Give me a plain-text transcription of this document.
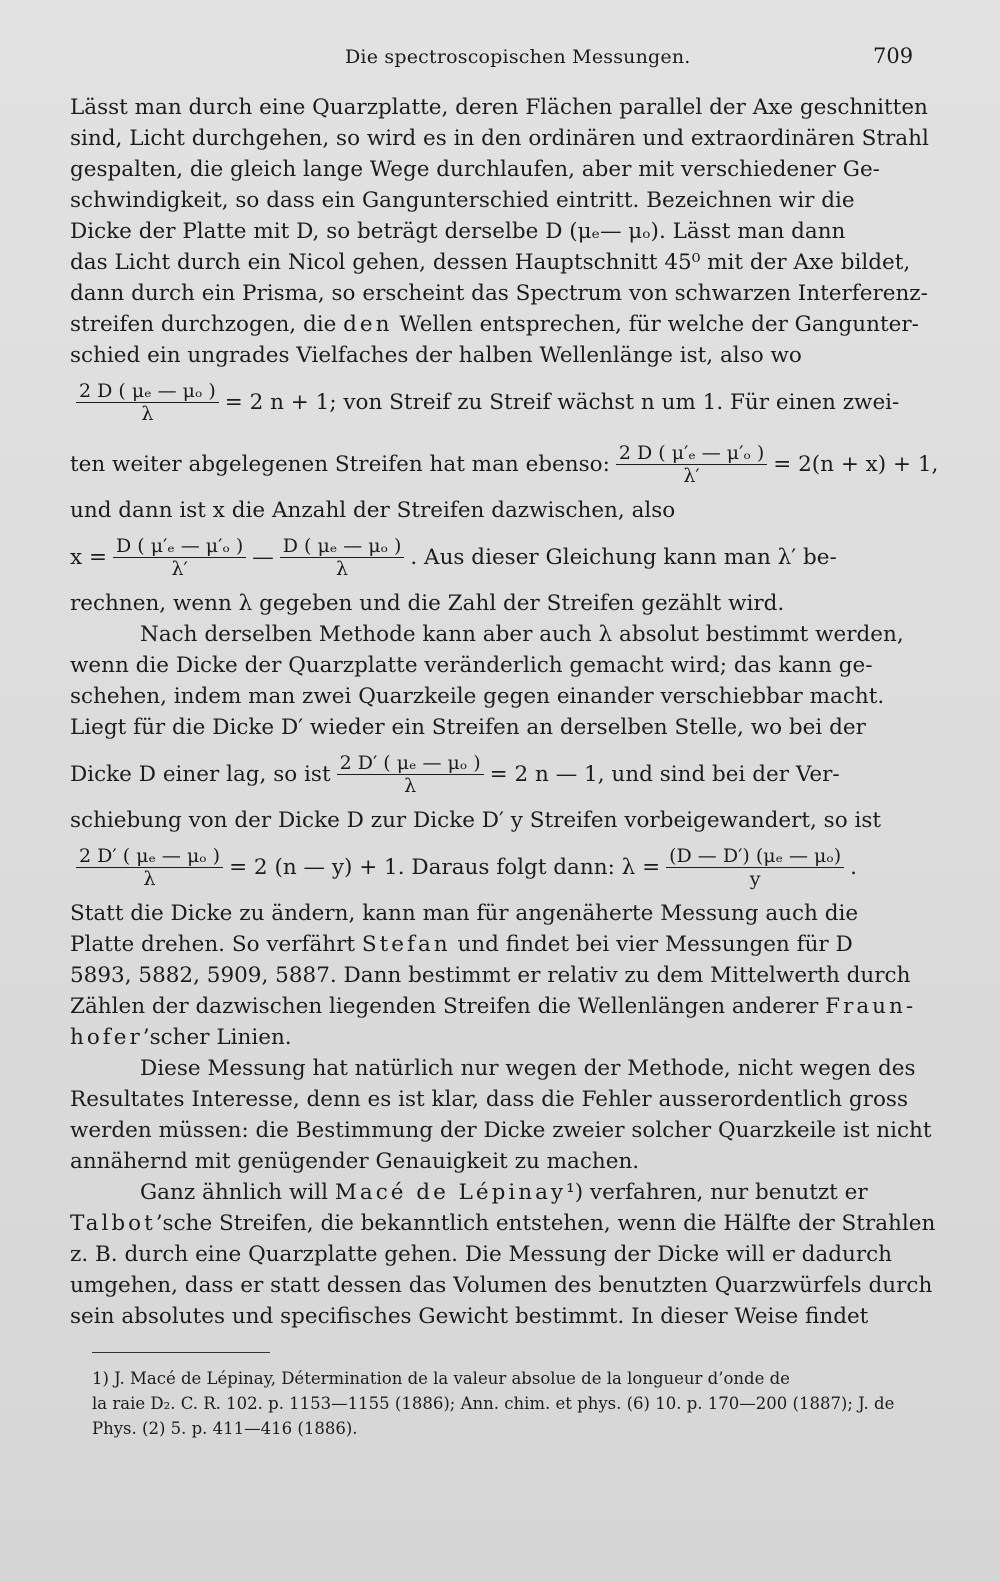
Die spectroscopischen Messungen.	709
Lässt man durch eine Quarzplatte, deren Flächen parallel der Axe geschnitten
sind, Licht durchgehen, so wird es in den ordinären und extraordinären Strahl
gespalten, die gleich lange Wege durchlaufen, aber mit verschiedener Ge-
schwindigkeit, so dass ein Gangunterschied eintritt. Bezeichnen wir die
Dicke der Platte mit D, so beträgt derselbe D (μₑ— μₒ). Lässt man dann
das Licht durch ein Nicol gehen, dessen Hauptschnitt 45⁰ mit der Axe bildet,
dann durch ein Prisma, so erscheint das Spectrum von schwarzen Interferenz-
streifen durchzogen, die
den
Wellen entsprechen, für welche der Gangunter-
schied ein ungrades Vielfaches der halben Wellenlänge ist, also wo
$\frac{\text{2 D ( μₑ — μₒ )}}{\lambda} = 2$ n + 1; von Streif zu Streif wächst n um 1. Für einen zwei-
ten weiter abgelegenen Streifen hat man ebenso: $\frac{\text{2 D ( μ′ₑ — μ′ₒ )}}{\lambda'} = 2(n + x) + 1$,
und dann ist x die Anzahl der Streifen dazwischen, also
$x = \frac{\text{D ( μ′ₑ — μ′ₒ )}}{\lambda'}$ — $\frac{\text{D ( μₑ — μₒ )}}{\lambda}$ . Aus dieser Gleichung kann man λ′ be-
rechnen, wenn λ gegeben und die Zahl der Streifen gezählt wird.
Nach derselben Methode kann aber auch λ absolut bestimmt werden,
wenn die Dicke der Quarzplatte veränderlich gemacht wird; das kann ge-
schehen, indem man zwei Quarzkeile gegen einander verschiebbar macht.
Liegt für die Dicke D′ wieder ein Streifen an derselben Stelle, wo bei der
Dicke D einer lag, so ist $\frac{\text{2 D′ ( μₑ — μₒ )}}{\lambda} = 2$ n — 1, und sind bei der Ver-
schiebung von der Dicke D zur Dicke D′ y Streifen vorbeigewandert, so ist
$\frac{\text{2 D′ ( μₑ — μₒ )}}{\lambda} = 2$ (n — y) + 1. Daraus folgt dann: $\lambda = \frac{\text{(D — D′) (μₑ — μₒ)}}{y}$ .
Statt die Dicke zu ändern, kann man für angenäherte Messung auch die
Platte drehen. So verfährt
Stefan
und findet bei vier Messungen für D
5893, 5882, 5909, 5887. Dann bestimmt er relativ zu dem Mittelwerth durch
Zählen der dazwischen liegenden Streifen die Wellenlängen anderer
Fraun-
hofer ’scher Linien.
Diese Messung hat natürlich nur wegen der Methode, nicht wegen des
Resultates Interesse, denn es ist klar, dass die Fehler ausserordentlich gross
werden müssen: die Bestimmung der Dicke zweier solcher Quarzkeile ist nicht
annähernd mit genügender Genauigkeit zu machen.
Ganz ähnlich will
Macé de Lépinay ¹) verfahren, nur benutzt er
Talbot ’sche Streifen, die bekanntlich entstehen, wenn die Hälfte der Strahlen
z. B. durch eine Quarzplatte gehen. Die Messung der Dicke will er dadurch
umgehen, dass er statt dessen das Volumen des benutzten Quarzwürfels durch
sein absolutes und specifisches Gewicht bestimmt. In dieser Weise findet
1) J. Macé de Lépinay, Détermination de la valeur absolue de la longueur d’onde de
la raie D₂. C. R. 102. p. 1153—1155 (1886); Ann. chim. et phys. (6) 10. p. 170—200 (1887); J. de
Phys. (2) 5. p. 411—416 (1886).
